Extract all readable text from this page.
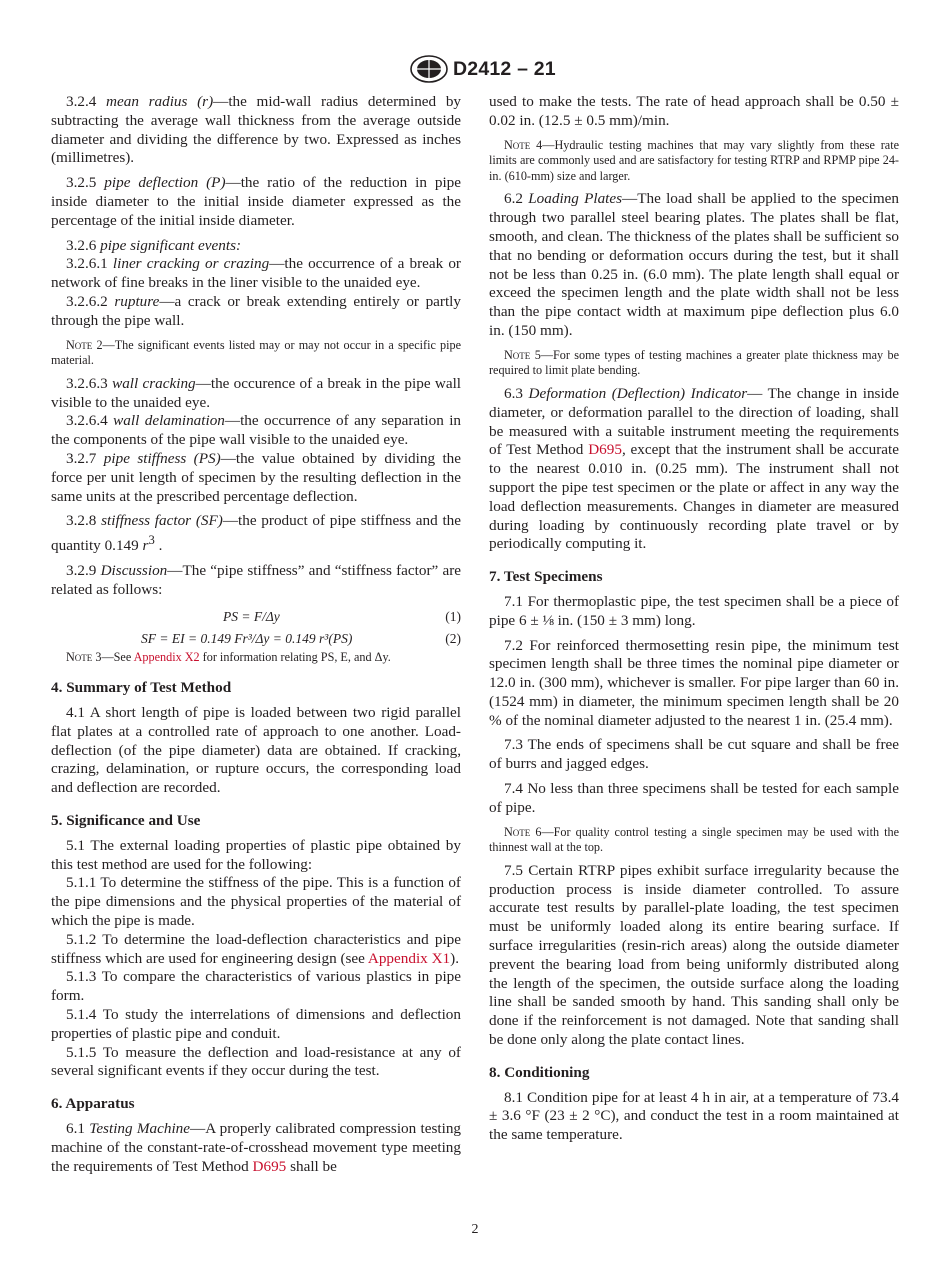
D2412 – 21

3.2.4 mean radius (r)—the mid-wall radius determined by subtracting the average wall thickness from the average outside diameter and dividing the difference by two. Expressed as inches (millimetres).

3.2.5 pipe deflection (P)—the ratio of the reduction in pipe inside diameter to the initial inside diameter expressed as the percentage of the initial inside diameter.

3.2.6 pipe significant events:

3.2.6.1 liner cracking or crazing—the occurrence of a break or network of fine breaks in the liner visible to the unaided eye.

3.2.6.2 rupture—a crack or break extending entirely or partly through the pipe wall.

Note 2—The significant events listed may or may not occur in a specific pipe material.

3.2.6.3 wall cracking—the occurence of a break in the pipe wall visible to the unaided eye.

3.2.6.4 wall delamination—the occurrence of any separation in the components of the pipe wall visible to the unaided eye.

3.2.7 pipe stiffness (PS)—the value obtained by dividing the force per unit length of specimen by the resulting deflection in the same units at the prescribed percentage deflection.

3.2.8 stiffness factor (SF)—the product of pipe stiffness and the quantity 0.149 $r^3$ .

3.2.9 Discussion—The “pipe stiffness” and “stiffness factor” are related as follows:

PS = F/Δy	(1)
SF = EI = 0.149 Fr³/Δy = 0.149 r³(PS)	(2)

Note 3—See Appendix X2 for information relating PS, E, and Δy.

4. Summary of Test Method

4.1 A short length of pipe is loaded between two rigid parallel flat plates at a controlled rate of approach to one another. Load-deflection (of the pipe diameter) data are obtained. If cracking, crazing, delamination, or rupture occurs, the corresponding load and deflection are recorded.

5. Significance and Use

5.1 The external loading properties of plastic pipe obtained by this test method are used for the following:

5.1.1 To determine the stiffness of the pipe. This is a function of the pipe dimensions and the physical properties of the material of which the pipe is made.

5.1.2 To determine the load-deflection characteristics and pipe stiffness which are used for engineering design (see Appendix X1).

5.1.3 To compare the characteristics of various plastics in pipe form.

5.1.4 To study the interrelations of dimensions and deflection properties of plastic pipe and conduit.

5.1.5 To measure the deflection and load-resistance at any of several significant events if they occur during the test.

6. Apparatus

6.1 Testing Machine—A properly calibrated compression testing machine of the constant-rate-of-crosshead movement type meeting the requirements of Test Method D695 shall be

used to make the tests. The rate of head approach shall be 0.50 ± 0.02 in. (12.5 ± 0.5 mm)/min.

Note 4—Hydraulic testing machines that may vary slightly from these rate limits are commonly used and are satisfactory for testing RTRP and RPMP pipe 24-in. (610-mm) size and larger.

6.2 Loading Plates—The load shall be applied to the specimen through two parallel steel bearing plates. The plates shall be flat, smooth, and clean. The thickness of the plates shall be sufficient so that no bending or deformation occurs during the test, but it shall not be less than 0.25 in. (6.0 mm). The plate length shall equal or exceed the specimen length and the plate width shall not be less than the pipe contact width at maximum pipe deflection plus 6.0 in. (150 mm).

Note 5—For some types of testing machines a greater plate thickness may be required to limit plate bending.

6.3 Deformation (Deflection) Indicator— The change in inside diameter, or deformation parallel to the direction of loading, shall be measured with a suitable instrument meeting the requirements of Test Method D695, except that the instrument shall be accurate to the nearest 0.010 in. (0.25 mm). The instrument shall not support the pipe test specimen or the plate or affect in any way the load deflection measurements. Changes in diameter are measured during loading by continuously recording plate travel or by periodically computing it.

7. Test Specimens

7.1 For thermoplastic pipe, the test specimen shall be a piece of pipe 6 ± ⅛ in. (150 ± 3 mm) long.

7.2 For reinforced thermosetting resin pipe, the minimum test specimen length shall be three times the nominal pipe diameter or 12.0 in. (300 mm), whichever is smaller. For pipe larger than 60 in. (1524 mm) in diameter, the minimum specimen length shall be 20 % of the nominal diameter adjusted to the nearest 1 in. (25.4 mm).

7.3 The ends of specimens shall be cut square and shall be free of burrs and jagged edges.

7.4 No less than three specimens shall be tested for each sample of pipe.

Note 6—For quality control testing a single specimen may be used with the thinnest wall at the top.

7.5 Certain RTRP pipes exhibit surface irregularity because the production process is inside diameter controlled. To assure accurate test results by parallel-plate loading, the test specimen must be uniformly loaded along its entire bearing surface. If surface irregularities (resin-rich areas) along the outside diameter prevent the bearing load from being uniformly distributed along the length of the specimen, the outside surface along the loading line shall be sanded smooth by hand. This sanding shall only be done if the reinforcement is not damaged. Note that sanding shall be done only along the plate contact lines.

8. Conditioning

8.1 Condition pipe for at least 4 h in air, at a temperature of 73.4 ± 3.6 °F (23 ± 2 °C), and conduct the test in a room maintained at the same temperature.

2
